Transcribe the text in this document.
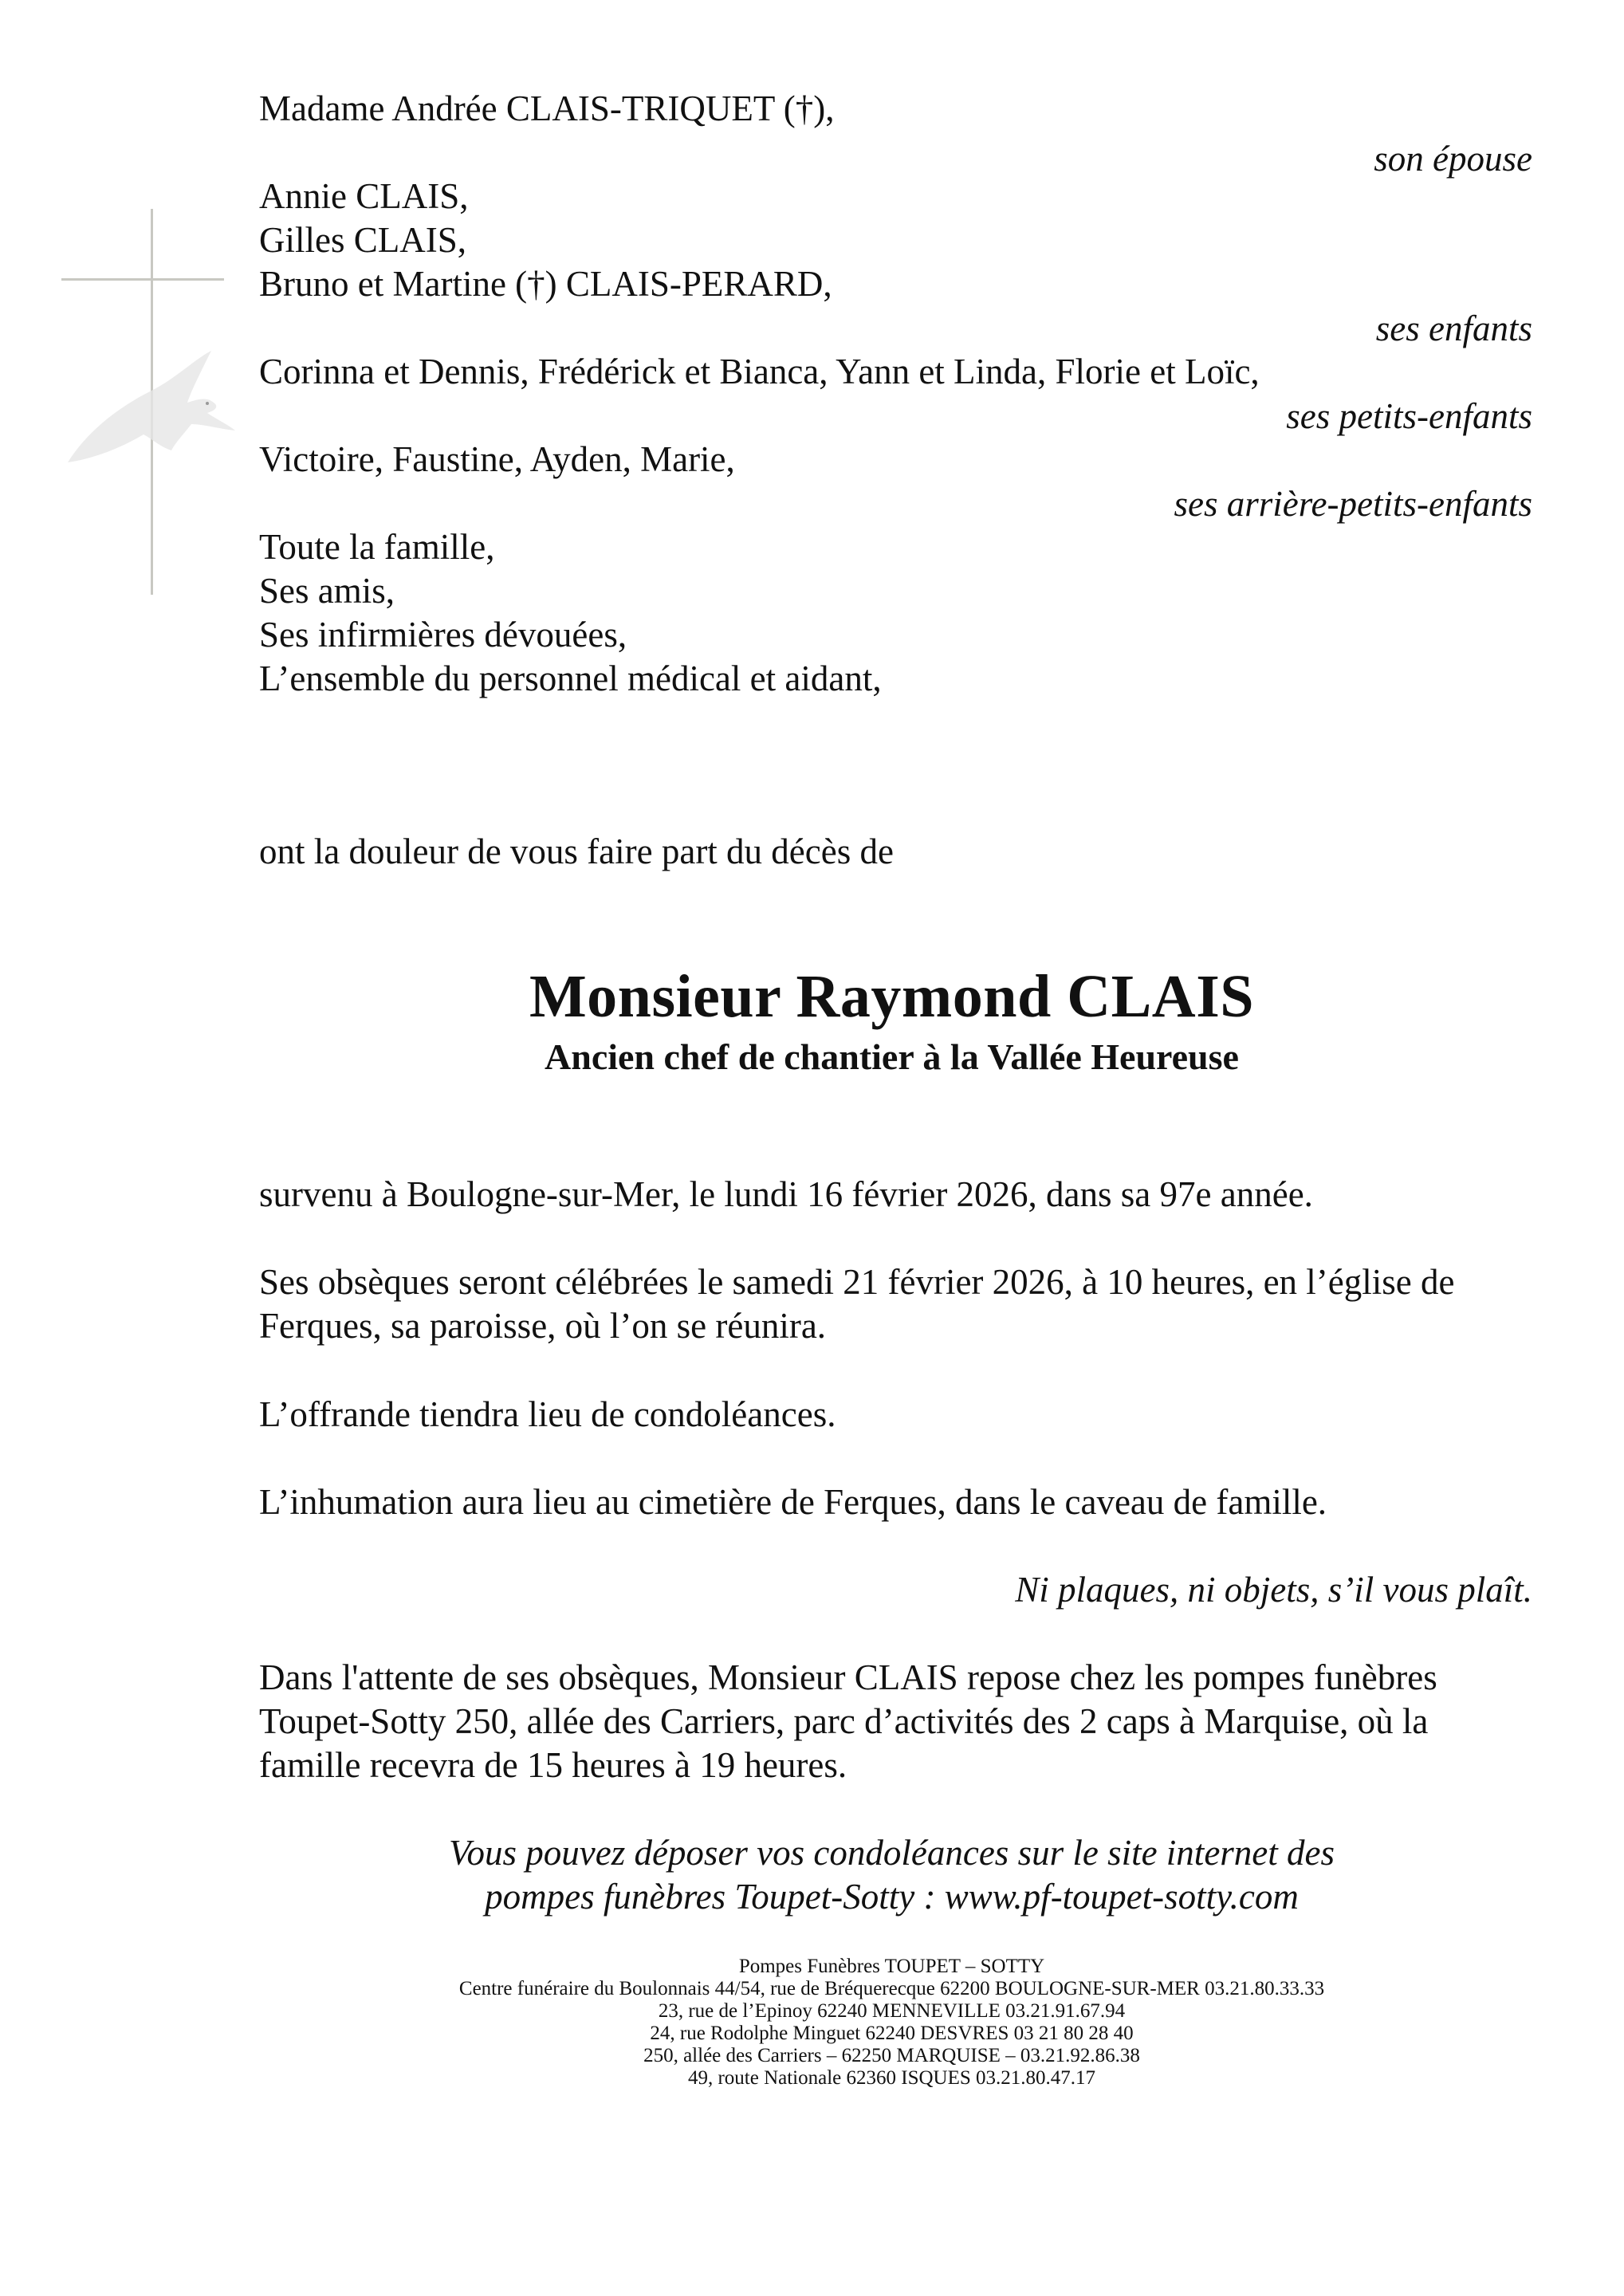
Madame Andrée CLAIS-TRIQUET (†),
son épouse
Annie CLAIS,
Gilles CLAIS,
Bruno et Martine (†) CLAIS-PERARD,
ses enfants
Corinna et Dennis, Frédérick et Bianca, Yann et Linda, Florie et Loïc,
ses petits-enfants
Victoire, Faustine, Ayden, Marie,
ses arrière-petits-enfants
Toute la famille,
Ses amis,
Ses infirmières dévouées,
L’ensemble du personnel médical et aidant,
ont la douleur de vous faire part du décès de
Monsieur Raymond CLAIS
Ancien chef de chantier à la Vallée Heureuse
survenu à Boulogne-sur-Mer, le lundi 16 février 2026, dans sa 97e année.
Ses obsèques seront célébrées le samedi 21 février 2026, à 10 heures, en l’église de
Ferques, sa paroisse, où l’on se réunira.
L’offrande tiendra lieu de condoléances.
L’inhumation aura lieu au cimetière de Ferques, dans le caveau de famille.
Ni plaques, ni objets, s’il vous plaît.
Dans l'attente de ses obsèques, Monsieur CLAIS repose chez les pompes funèbres
Toupet-Sotty 250, allée des Carriers, parc d’activités des 2 caps à Marquise, où la
famille recevra de 15 heures à 19 heures.
Vous pouvez déposer vos condoléances sur le site internet des
pompes funèbres Toupet-Sotty : www.pf-toupet-sotty.com
Pompes Funèbres TOUPET – SOTTY
Centre funéraire du Boulonnais 44/54, rue de Bréquerecque 62200 BOULOGNE-SUR-MER 03.21.80.33.33
23, rue de l’Epinoy 62240 MENNEVILLE 03.21.91.67.94
24, rue Rodolphe Minguet 62240 DESVRES 03 21 80 28 40
250, allée des Carriers – 62250 MARQUISE – 03.21.92.86.38
49, route Nationale 62360 ISQUES 03.21.80.47.17
